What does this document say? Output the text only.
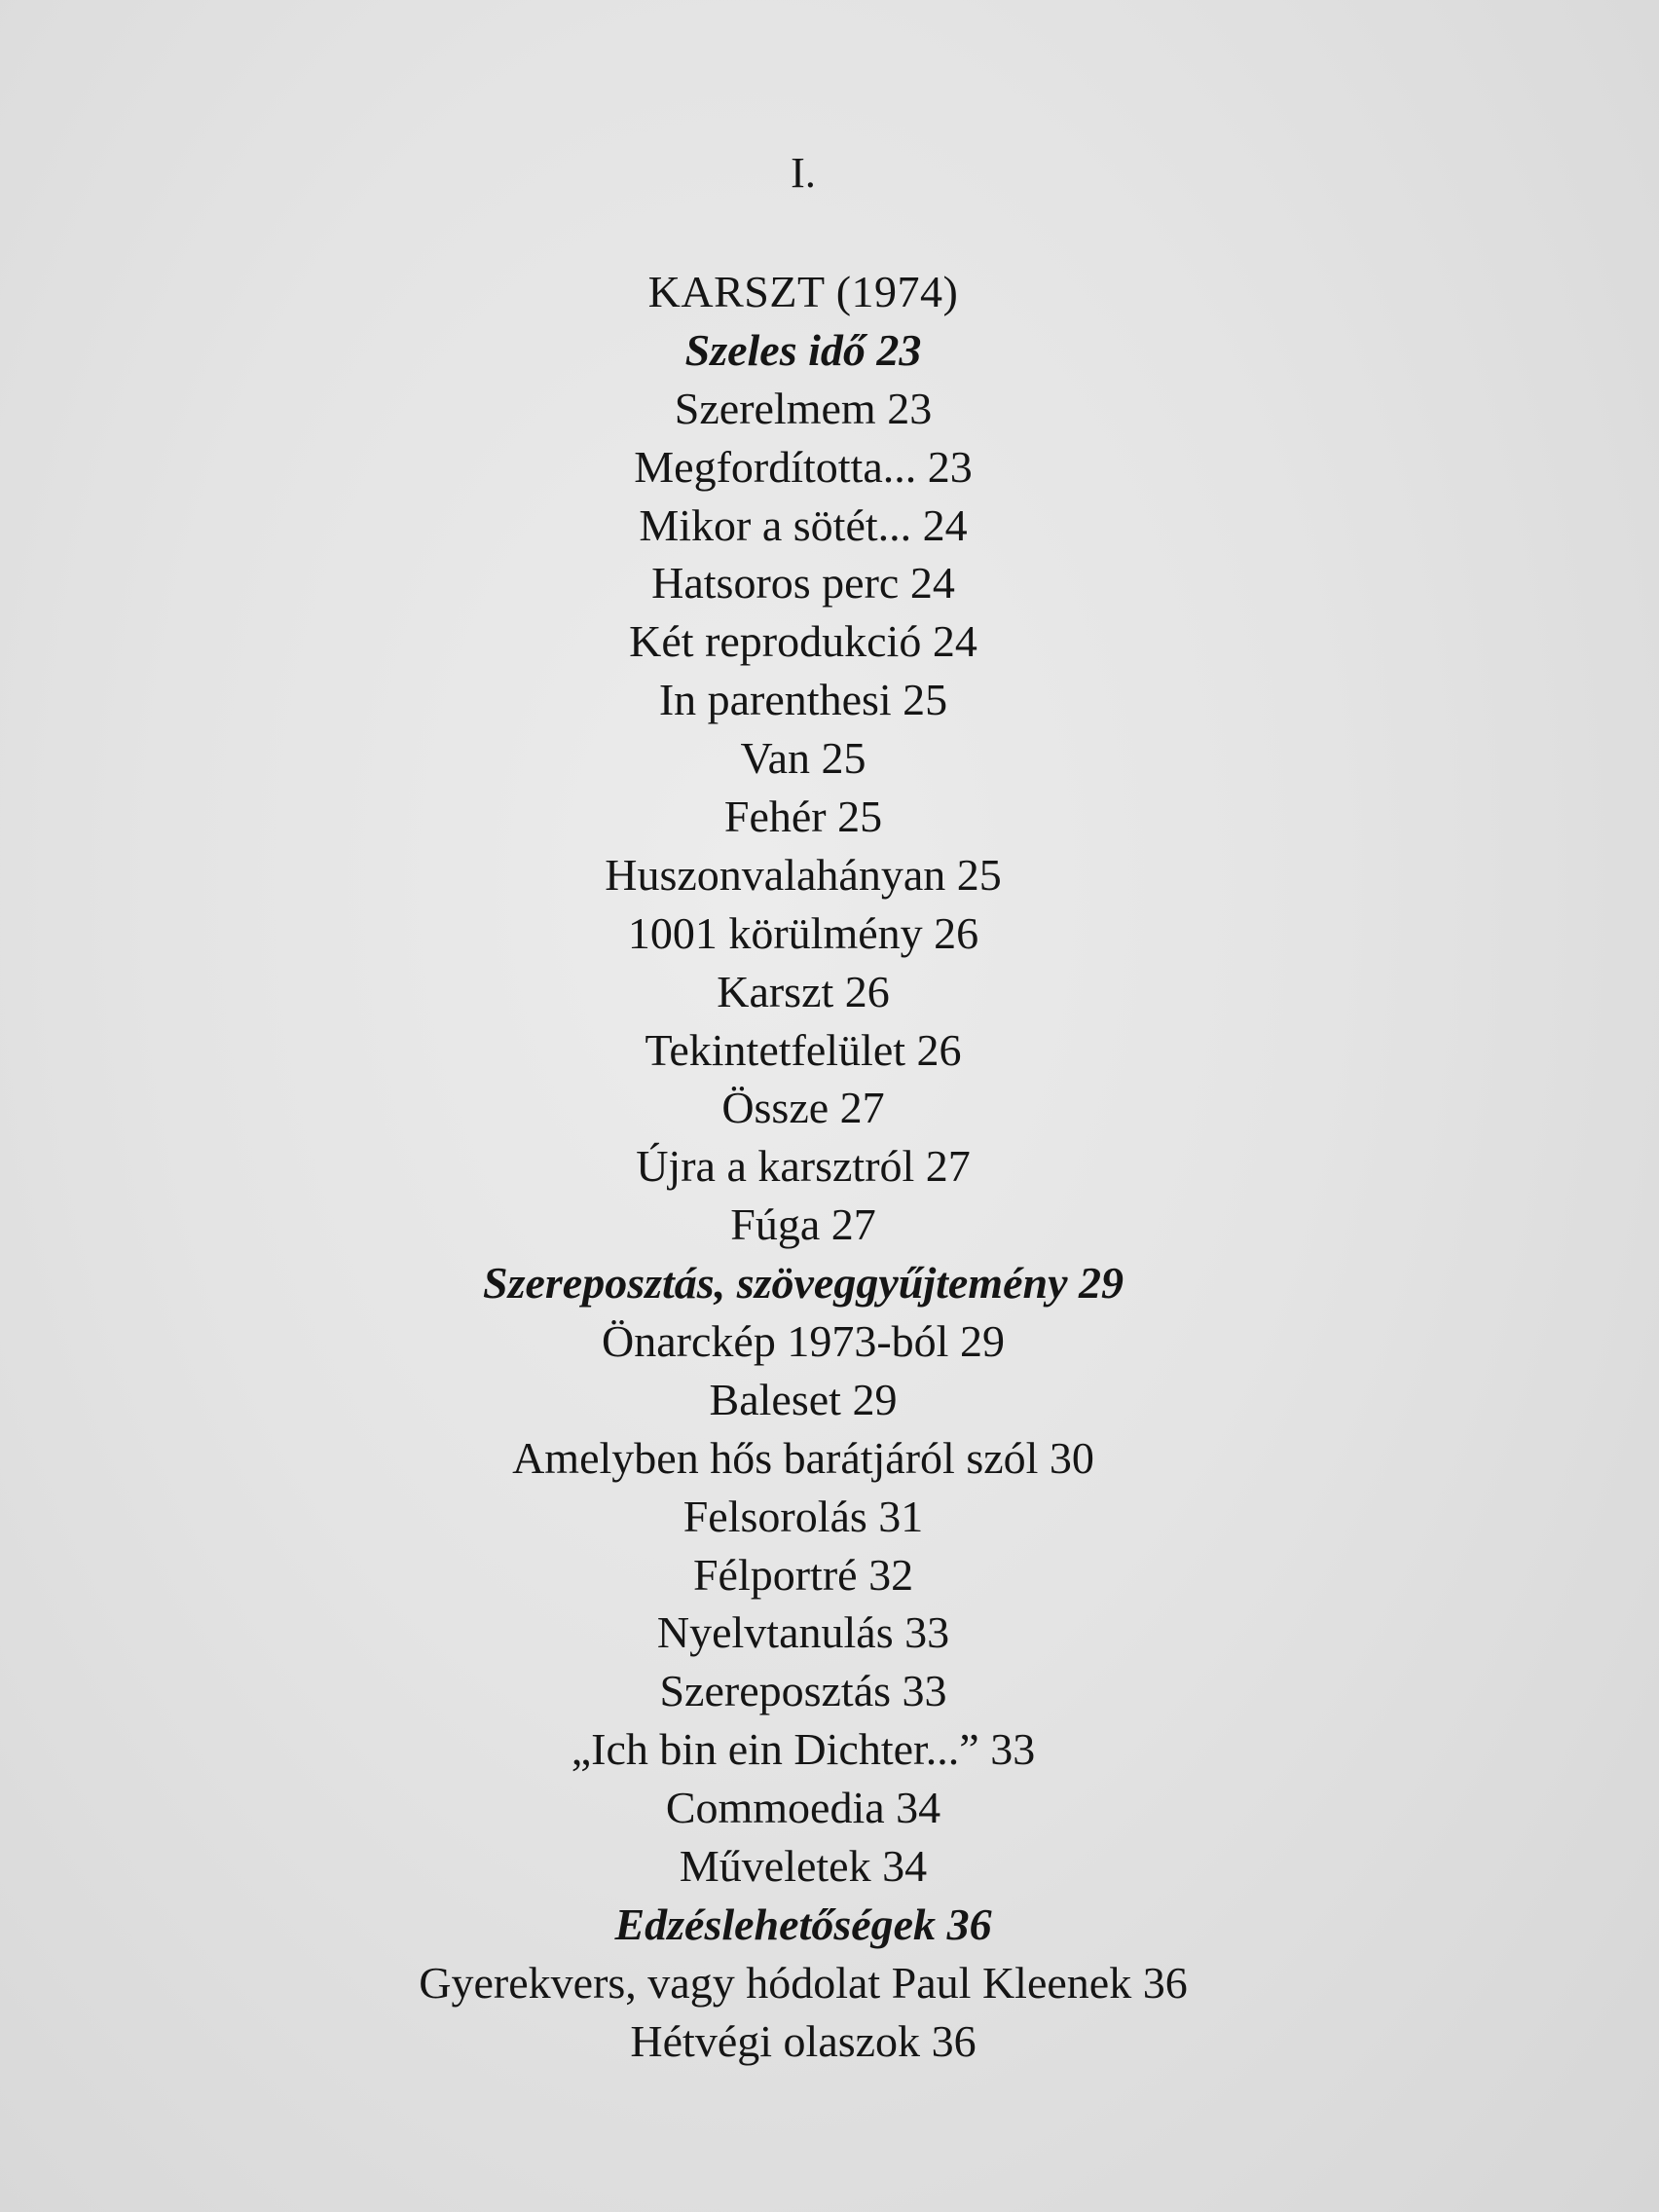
I.
KARSZT (1974)
Szeles idő 23
Szerelmem 23
Megfordította... 23
Mikor a sötét... 24
Hatsoros perc 24
Két reprodukció 24
In parenthesi 25
Van 25
Fehér 25
Huszonvalahányan 25
1001 körülmény 26
Karszt 26
Tekintetfelület 26
Össze 27
Újra a karsztról 27
Fúga 27
Szereposztás, szöveggyűjtemény 29
Önarckép 1973-ból 29
Baleset 29
Amelyben hős barátjáról szól 30
Felsorolás 31
Félportré 32
Nyelvtanulás 33
Szereposztás 33
„Ich bin ein Dichter...” 33
Commoedia 34
Műveletek 34
Edzéslehetőségek 36
Gyerekvers, vagy hódolat Paul Kleenek 36
Hétvégi olaszok 36
